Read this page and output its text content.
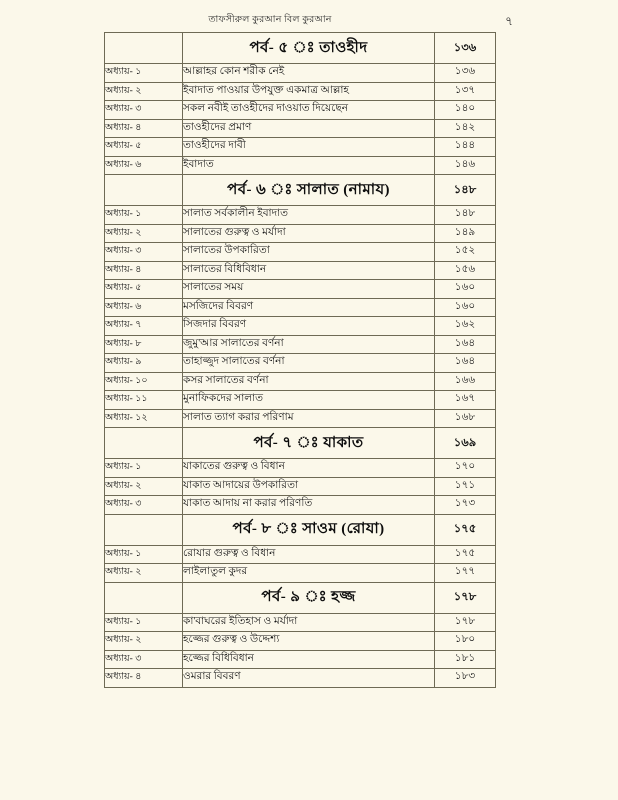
তাফসীরুল কুরআন বিল কুরআন	৭
	পর্ব- ৫ ঃ তাওহীদ	১৩৬
অধ্যায়- ১	আল্লাহর কোন শরীক নেই	১৩৬
অধ্যায়- ২	ইবাদাত পাওয়ার উপযুক্ত একমাত্র আল্লাহ	১৩৭
অধ্যায়- ৩	সকল নবীই তাওহীদের দাওয়াত দিয়েছেন	১৪০
অধ্যায়- ৪	তাওহীদের প্রমাণ	১৪২
অধ্যায়- ৫	তাওহীদের দাবী	১৪৪
অধ্যায়- ৬	ইবাদাত	১৪৬
	পর্ব- ৬ ঃ সালাত (নামায)	১৪৮
অধ্যায়- ১	সালাত সর্বকালীন ইবাদাত	১৪৮
অধ্যায়- ২	সালাতের গুরুত্ব ও মর্যাদা	১৪৯
অধ্যায়- ৩	সালাতের উপকারিতা	১৫২
অধ্যায়- ৪	সালাতের বিধিবিধান	১৫৬
অধ্যায়- ৫	সালাতের সময়	১৬০
অধ্যায়- ৬	মসজিদের বিবরণ	১৬০
অধ্যায়- ৭	সিজদার বিবরণ	১৬২
অধ্যায়- ৮	জুমু'আর সালাতের বর্ণনা	১৬৪
অধ্যায়- ৯	তাহাজ্জুদ সালাতের বর্ণনা	১৬৪
অধ্যায়- ১০	কসর সালাতের বর্ণনা	১৬৬
অধ্যায়- ১১	মুনাফিকদের সালাত	১৬৭
অধ্যায়- ১২	সালাত ত্যাগ করার পরিণাম	১৬৮
	পর্ব- ৭ ঃ যাকাত	১৬৯
অধ্যায়- ১	যাকাতের গুরুত্ব ও বিধান	১৭০
অধ্যায়- ২	যাকাত আদায়ের উপকারিতা	১৭১
অধ্যায়- ৩	যাকাত আদায় না করার পরিণতি	১৭৩
	পর্ব- ৮ ঃ সাওম (রোযা)	১৭৫
অধ্যায়- ১	রোযার গুরুত্ব ও বিধান	১৭৫
অধ্যায়- ২	লাইলাতুল কুদর	১৭৭
	পর্ব- ৯ ঃ হজ্জ	১৭৮
অধ্যায়- ১	কা'বাঘরের ইতিহাস ও মর্যাদা	১৭৮
অধ্যায়- ২	হজ্জের গুরুত্ব ও উদ্দেশ্য	১৮০
অধ্যায়- ৩	হজ্জের বিধিবিধান	১৮১
অধ্যায়- ৪	ওমরার বিবরণ	১৮৩
